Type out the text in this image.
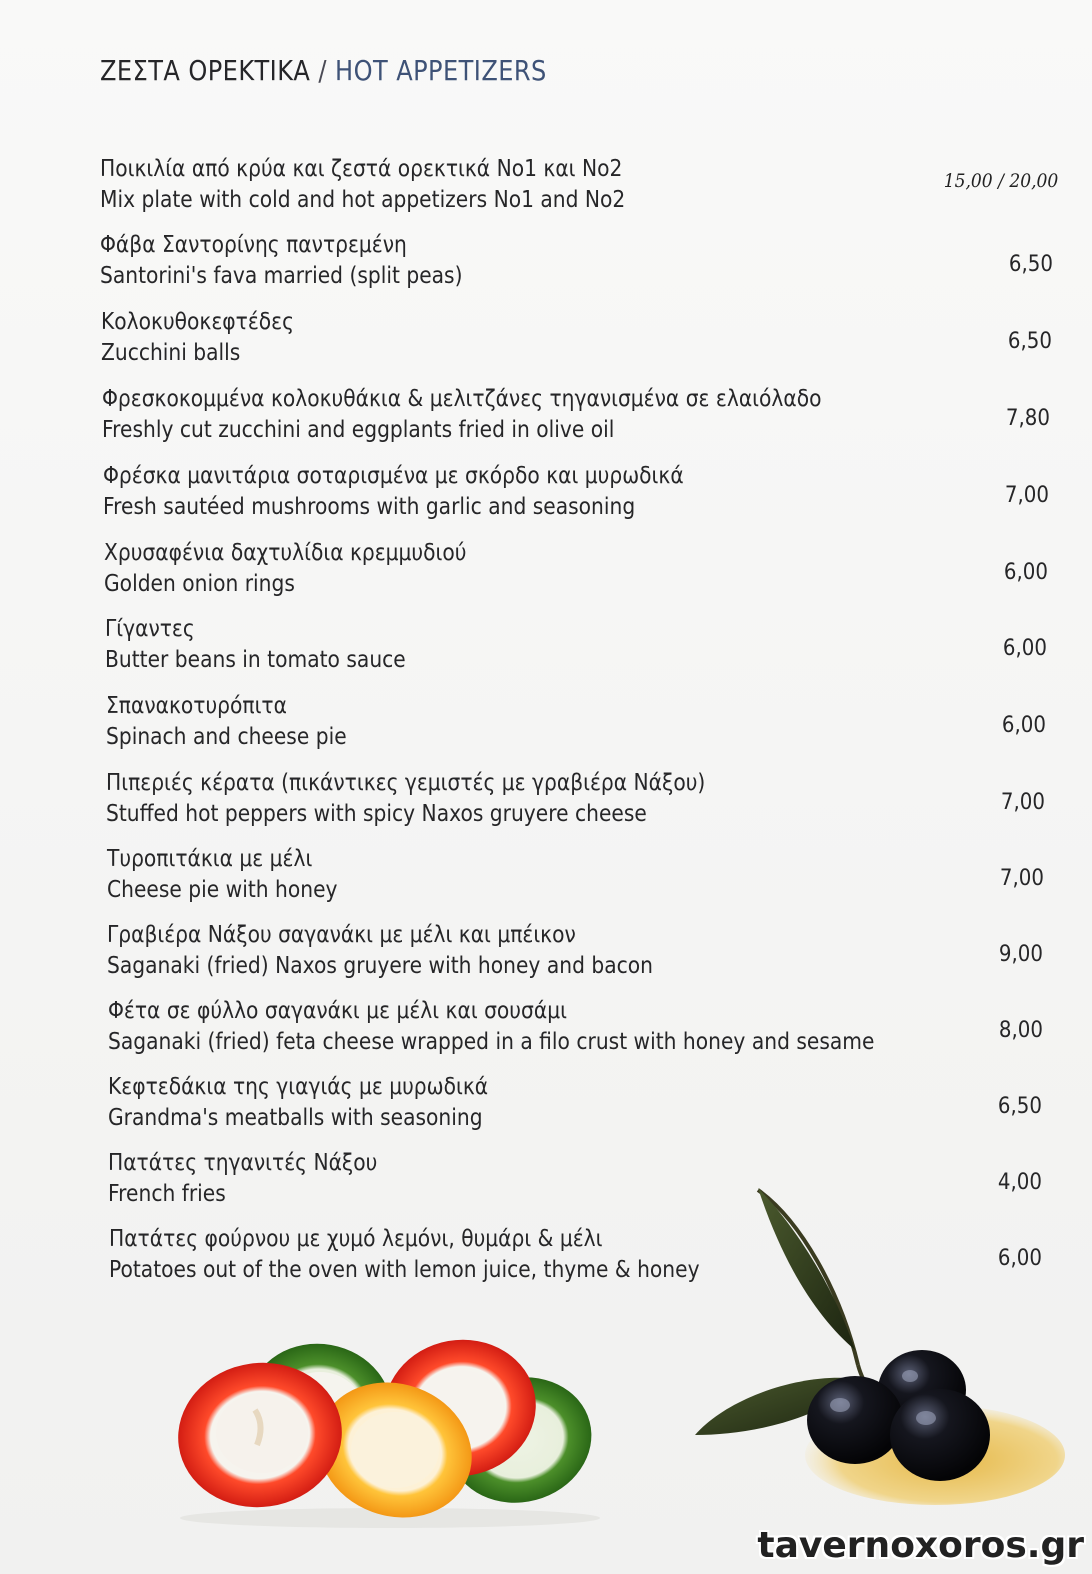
ΖΕΣΤΑ ΟΡΕΚΤΙΚΑ / HOT APPETIZERS
Ποικιλία από κρύα και ζεστά ορεκτικά No1 και No2
Mix plate with cold and hot appetizers No1 and No2
15,00 / 20,00
Φάβα Σαντορίνης παντρεμένη
Santorini's fava married (split peas)	6,50
Κολοκυθοκεφτέδες
Zucchini balls	6,50
Φρεσκοκομμένα κολοκυθάκια & μελιτζάνες τηγανισμένα σε ελαιόλαδο
Freshly cut zucchini and eggplants fried in olive oil	7,80
Φρέσκα μανιτάρια σοταρισμένα με σκόρδο και μυρωδικά
Fresh sautéed mushrooms with garlic and seasoning	7,00
Χρυσαφένια δαχτυλίδια κρεμμυδιού
Golden onion rings	6,00
Γίγαντες
Butter beans in tomato sauce	6,00
Σπανακοτυρόπιτα
Spinach and cheese pie	6,00
Πιπεριές κέρατα (πικάντικες γεμιστές με γραβιέρα Νάξου)
Stuffed hot peppers with spicy Naxos gruyere cheese	7,00
Τυροπιτάκια με μέλι
Cheese pie with honey	7,00
Γραβιέρα Νάξου σαγανάκι με μέλι και μπέικον
Saganaki (fried) Naxos gruyere with honey and bacon	9,00
Φέτα σε φύλλο σαγανάκι με μέλι και σουσάμι
Saganaki (fried) feta cheese wrapped in a filo crust with honey and sesame	8,00
Κεφτεδάκια της γιαγιάς με μυρωδικά
Grandma's meatballs with seasoning	6,50
Πατάτες τηγανιτές Νάξου
French fries	4,00
Πατάτες φούρνου με χυμό λεμόνι, θυμάρι & μέλι
Potatoes out of the oven with lemon juice, thyme & honey	6,00
tavernoxoros.gr
